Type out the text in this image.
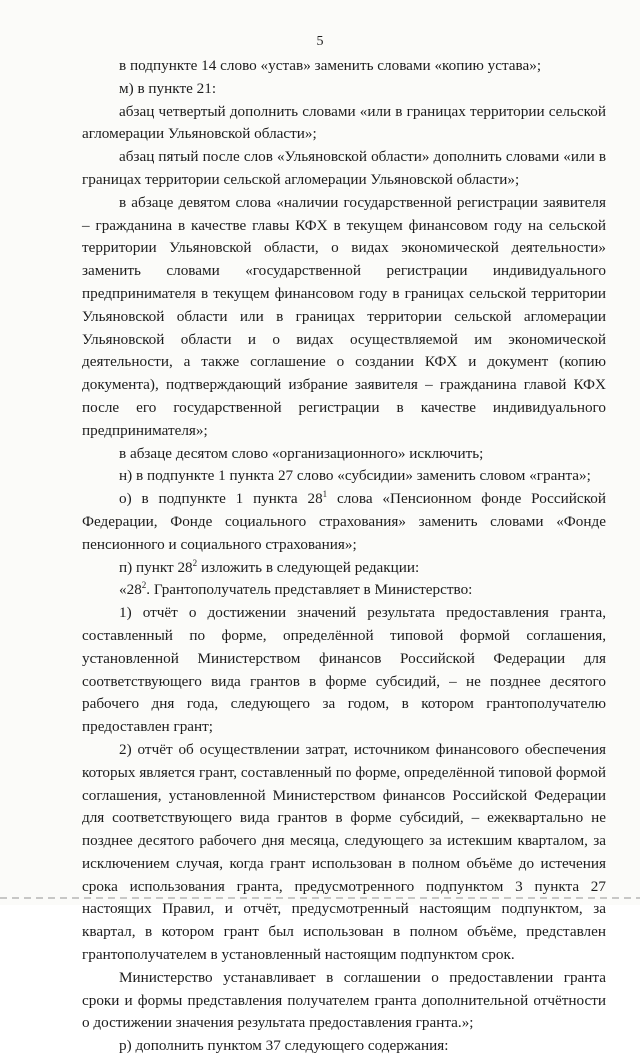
5

в подпункте 14 слово «устав» заменить словами «копию устава»;

м) в пункте 21:

абзац четвертый дополнить словами «или в границах территории сельской агломерации Ульяновской области»;

абзац пятый после слов «Ульяновской области» дополнить словами «или в границах территории сельской агломерации Ульяновской области»;

в абзаце девятом слова «наличии государственной регистрации заявителя – гражданина в качестве главы КФХ в текущем финансовом году на сельской территории Ульяновской области, о видах экономической деятельности» заменить словами «государственной регистрации индивидуального предпринимателя в текущем финансовом году в границах сельской территории Ульяновской области или в границах территории сельской агломерации Ульяновской области и о видах осуществляемой им экономической деятельности, а также соглашение о создании КФХ и документ (копию документа), подтверждающий избрание заявителя – гражданина главой КФХ после его государственной регистрации в качестве индивидуального предпринимателя»;

в абзаце десятом слово «организационного» исключить;

н) в подпункте 1 пункта 27 слово «субсидии» заменить словом «гранта»;

о) в подпункте 1 пункта $28^1$ слова «Пенсионном фонде Российской Федерации, Фонде социального страхования» заменить словами «Фонде пенсионного и социального страхования»;

п) пункт $28^2$ изложить в следующей редакции:

«$28^2$. Грантополучатель представляет в Министерство:

1) отчёт о достижении значений результата предоставления гранта, составленный по форме, определённой типовой формой соглашения, установленной Министерством финансов Российской Федерации для соответствующего вида грантов в форме субсидий, – не позднее десятого рабочего дня года, следующего за годом, в котором грантополучателю предоставлен грант;

2) отчёт об осуществлении затрат, источником финансового обеспечения которых является грант, составленный по форме, определённой типовой формой соглашения, установленной Министерством финансов Российской Федерации для соответствующего вида грантов в форме субсидий, – ежеквартально не позднее десятого рабочего дня месяца, следующего за истекшим кварталом, за исключением случая, когда грант использован в полном объёме до истечения срока использования гранта, предусмотренного подпунктом 3 пункта 27 настоящих Правил, и отчёт, предусмотренный настоящим подпунктом, за квартал, в котором грант был использован в полном объёме, представлен грантополучателем в установленный настоящим подпунктом срок.

Министерство устанавливает в соглашении о предоставлении гранта сроки и формы представления получателем гранта дополнительной отчётности о достижении значения результата предоставления гранта.»;

р) дополнить пунктом 37 следующего содержания:
